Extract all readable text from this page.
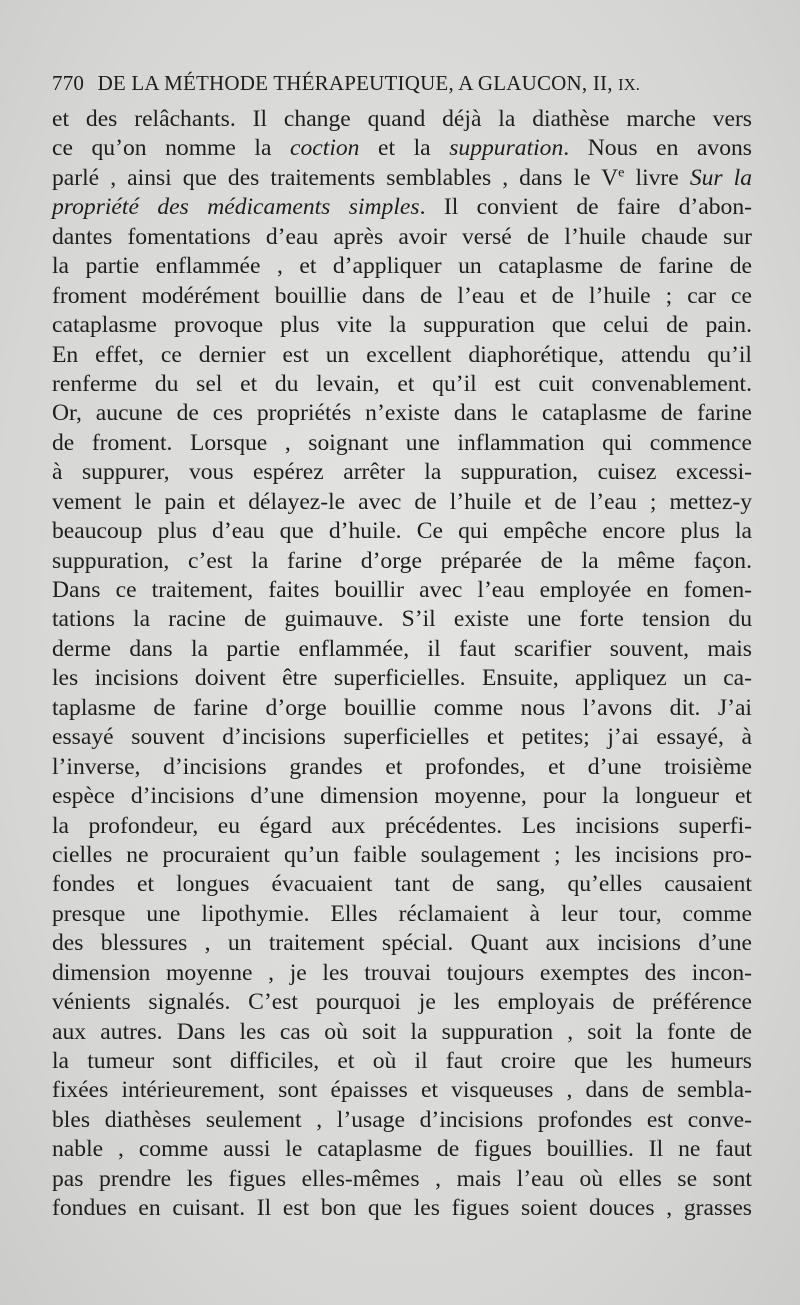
770 DE LA MÉTHODE THÉRAPEUTIQUE, A GLAUCON, II, IX.
et des relâchants. Il change quand déjà la diathèse marche vers
ce qu’on nomme la coction et la suppuration. Nous en avons
parlé , ainsi que des traitements semblables , dans le Ve livre Sur la
propriété des médicaments simples. Il convient de faire d’abon-
dantes fomentations d’eau après avoir versé de l’huile chaude sur
la partie enflammée , et d’appliquer un cataplasme de farine de
froment modérément bouillie dans de l’eau et de l’huile ; car ce
cataplasme provoque plus vite la suppuration que celui de pain.
En effet, ce dernier est un excellent diaphorétique, attendu qu’il
renferme du sel et du levain, et qu’il est cuit convenablement.
Or, aucune de ces propriétés n’existe dans le cataplasme de farine
de froment. Lorsque , soignant une inflammation qui commence
à suppurer, vous espérez arrêter la suppuration, cuisez excessi-
vement le pain et délayez-le avec de l’huile et de l’eau ; mettez-y
beaucoup plus d’eau que d’huile. Ce qui empêche encore plus la
suppuration, c’est la farine d’orge préparée de la même façon.
Dans ce traitement, faites bouillir avec l’eau employée en fomen-
tations la racine de guimauve. S’il existe une forte tension du
derme dans la partie enflammée, il faut scarifier souvent, mais
les incisions doivent être superficielles. Ensuite, appliquez un ca-
taplasme de farine d’orge bouillie comme nous l’avons dit. J’ai
essayé souvent d’incisions superficielles et petites; j’ai essayé, à
l’inverse, d’incisions grandes et profondes, et d’une troisième
espèce d’incisions d’une dimension moyenne, pour la longueur et
la profondeur, eu égard aux précédentes. Les incisions superfi-
cielles ne procuraient qu’un faible soulagement ; les incisions pro-
fondes et longues évacuaient tant de sang, qu’elles causaient
presque une lipothymie. Elles réclamaient à leur tour, comme
des blessures , un traitement spécial. Quant aux incisions d’une
dimension moyenne , je les trouvai toujours exemptes des incon-
vénients signalés. C’est pourquoi je les employais de préférence
aux autres. Dans les cas où soit la suppuration , soit la fonte de
la tumeur sont difficiles, et où il faut croire que les humeurs
fixées intérieurement, sont épaisses et visqueuses , dans de sembla-
bles diathèses seulement , l’usage d’incisions profondes est conve-
nable , comme aussi le cataplasme de figues bouillies. Il ne faut
pas prendre les figues elles-mêmes , mais l’eau où elles se sont
fondues en cuisant. Il est bon que les figues soient douces , grasses
